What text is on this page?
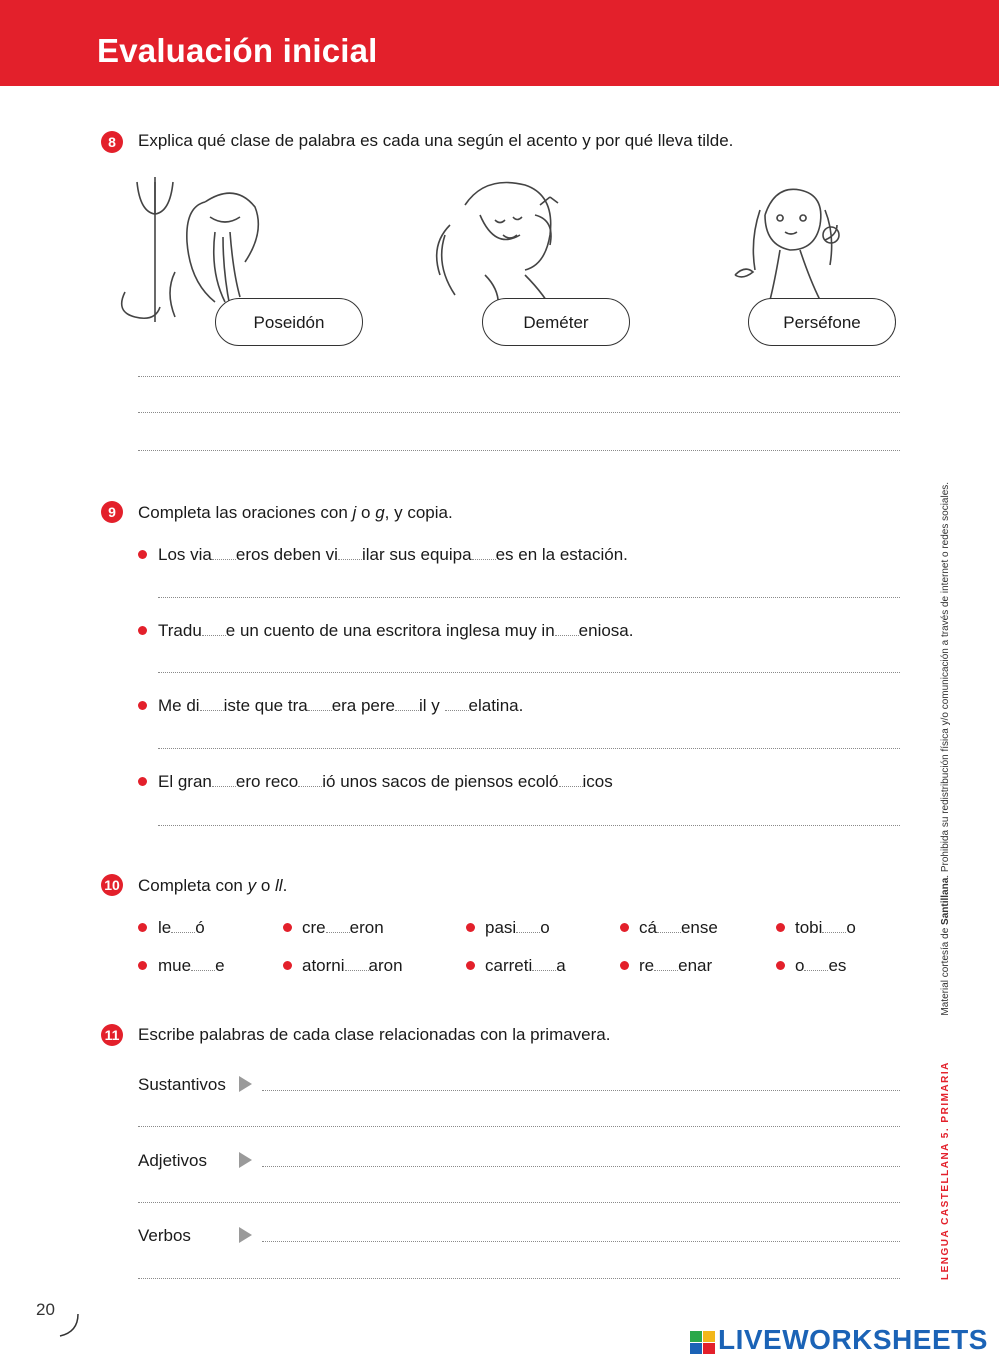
Evaluación inicial
8	Explica qué clase de palabra es cada una según el acento y por qué lleva tilde.
Poseidón	Deméter	Perséfone
9	Completa las oraciones con j o g, y copia.
Los via eros deben vi ilar sus equipa es en la estación.
Tradu e un cuento de una escritora inglesa muy in eniosa.
Me di iste que tra era pere il y elatina.
El gran ero reco ió unos sacos de piensos ecoló icos
10 Completa con y o ll.
le ó	cre eron	pasi o	cá ense	tobi o
mue e	atorni aron	carreti a	re enar	o es
11 Escribe palabras de cada clase relacionadas con la primavera.
Sustantivos
Adjetivos
Verbos	LENGUA CASTELLANA 5. PRIMARIA  Material cortesía de Santillana. Prohibida su redistribución física y/o comunicación a través de internet o redes sociales.
20
LIVEWORKSHEETS
